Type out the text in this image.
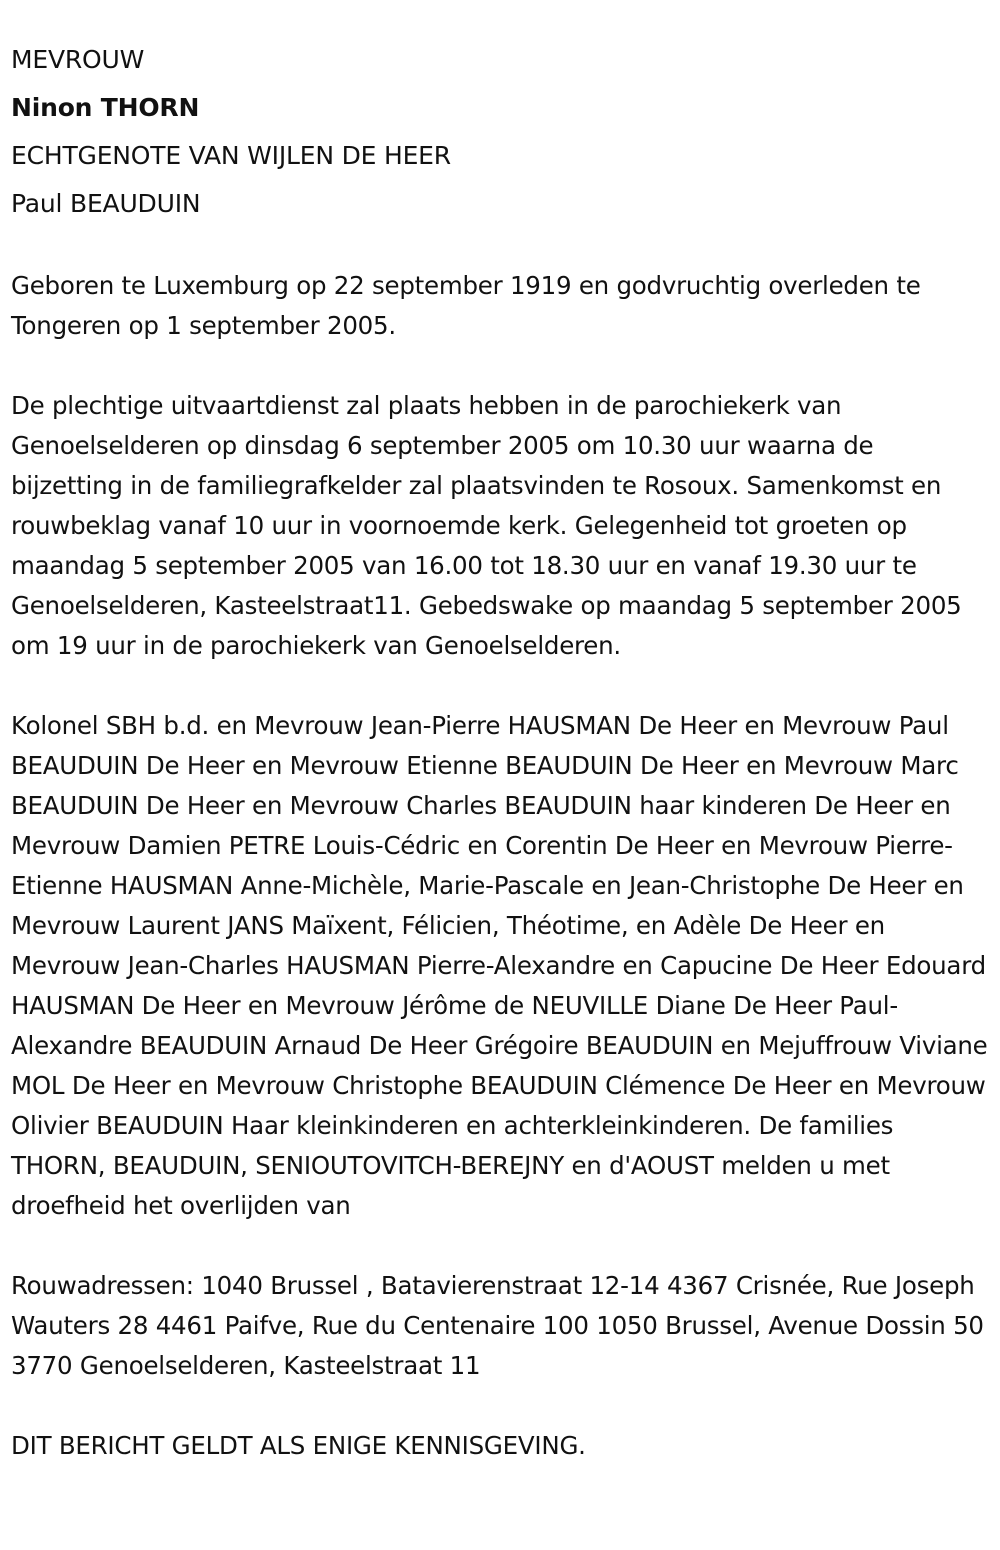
MEVROUW

Ninon THORN

ECHTGENOTE VAN WIJLEN DE HEER

Paul BEAUDUIN

Geboren te Luxemburg op 22 september 1919 en godvruchtig overleden te Tongeren op 1 september 2005.

De plechtige uitvaartdienst zal plaats hebben in de parochiekerk van Genoelselderen op dinsdag 6 september 2005 om 10.30 uur waarna de bijzetting in de familiegrafkelder zal plaatsvinden te Rosoux. Samenkomst en rouwbeklag vanaf 10 uur in voornoemde kerk. Gelegenheid tot groeten op maandag 5 september 2005 van 16.00 tot 18.30 uur en vanaf 19.30 uur te Genoelselderen, Kasteelstraat11. Gebedswake op maandag 5 september 2005 om 19 uur in de parochiekerk van Genoelselderen.

Kolonel SBH b.d. en Mevrouw Jean-Pierre HAUSMAN De Heer en Mevrouw Paul BEAUDUIN De Heer en Mevrouw Etienne BEAUDUIN De Heer en Mevrouw Marc BEAUDUIN De Heer en Mevrouw Charles BEAUDUIN haar kinderen De Heer en Mevrouw Damien PETRE Louis-Cédric en Corentin De Heer en Mevrouw Pierre-Etienne HAUSMAN Anne-Michèle, Marie-Pascale en Jean-Christophe De Heer en Mevrouw Laurent JANS Maïxent, Félicien, Théotime, en Adèle De Heer en Mevrouw Jean-Charles HAUSMAN Pierre-Alexandre en Capucine De Heer Edouard HAUSMAN De Heer en Mevrouw Jérôme de NEUVILLE Diane De Heer Paul-Alexandre BEAUDUIN Arnaud De Heer Grégoire BEAUDUIN en Mejuffrouw Viviane MOL De Heer en Mevrouw Christophe BEAUDUIN Clémence De Heer en Mevrouw Olivier BEAUDUIN Haar kleinkinderen en achterkleinkinderen. De families THORN, BEAUDUIN, SENIOUTOVITCH-BEREJNY en d'AOUST melden u met droefheid het overlijden van

Rouwadressen: 1040 Brussel , Batavierenstraat 12-14 4367 Crisnée, Rue Joseph Wauters 28 4461 Paifve, Rue du Centenaire 100 1050 Brussel, Avenue Dossin 50 3770 Genoelselderen, Kasteelstraat 11

DIT BERICHT GELDT ALS ENIGE KENNISGEVING.
